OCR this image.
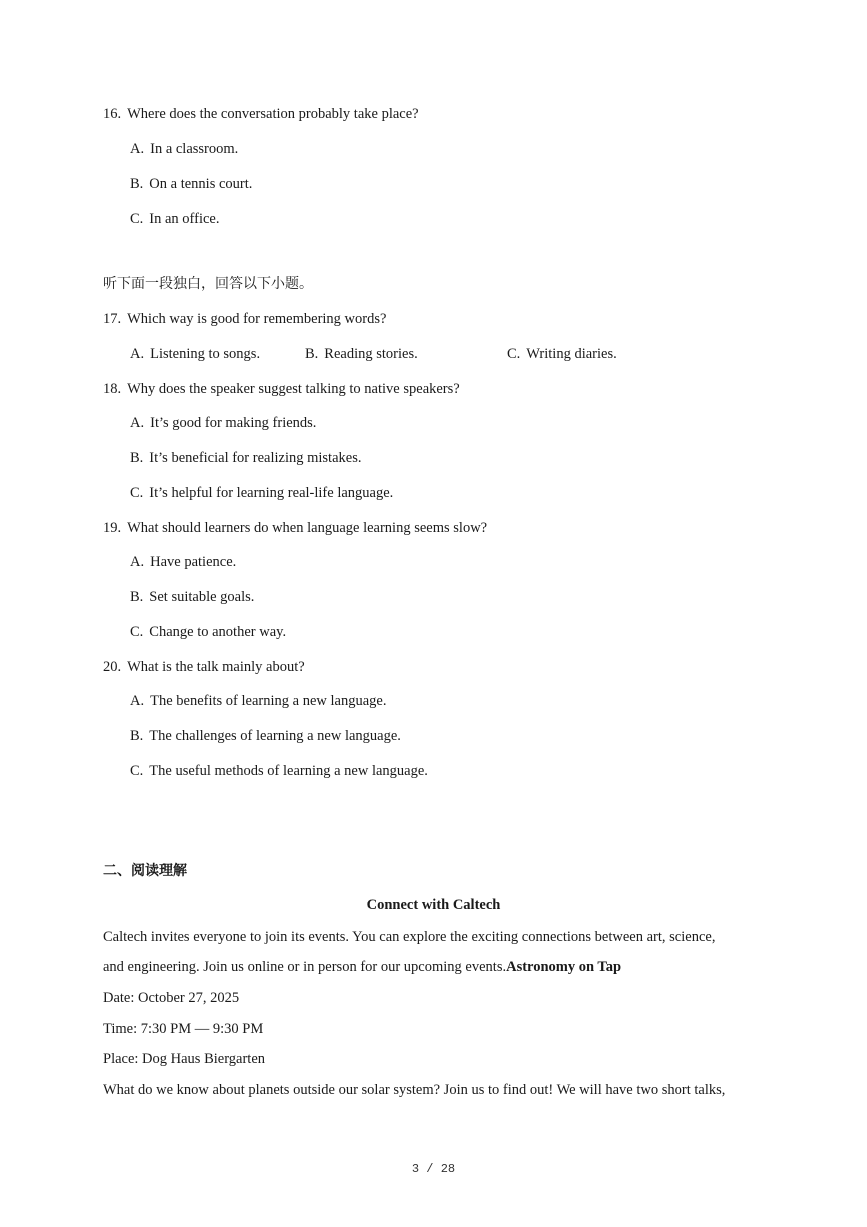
16. Where does the conversation probably take place?
A. In a classroom.
B. On a tennis court.
C. In an office.
听下面一段独白，回答以下小题。
17. Which way is good for remembering words?
A. Listening to songs.	B. Reading stories.	C. Writing diaries.
18. Why does the speaker suggest talking to native speakers?
A. It’s good for making friends.
B. It’s beneficial for realizing mistakes.
C. It’s helpful for learning real-life language.
19. What should learners do when language learning seems slow?
A. Have patience.
B. Set suitable goals.
C. Change to another way.
20. What is the talk mainly about?
A. The benefits of learning a new language.
B. The challenges of learning a new language.
C. The useful methods of learning a new language.
二、阅读理解
Connect with Caltech
Caltech invites everyone to join its events. You can explore the exciting connections between art, science,
and engineering. Join us online or in person for our upcoming events.Astronomy on Tap
Date: October 27, 2025
Time: 7:30 PM — 9:30 PM
Place: Dog Haus Biergarten
What do we know about planets outside our solar system? Join us to find out! We will have two short talks,
3 / 28
